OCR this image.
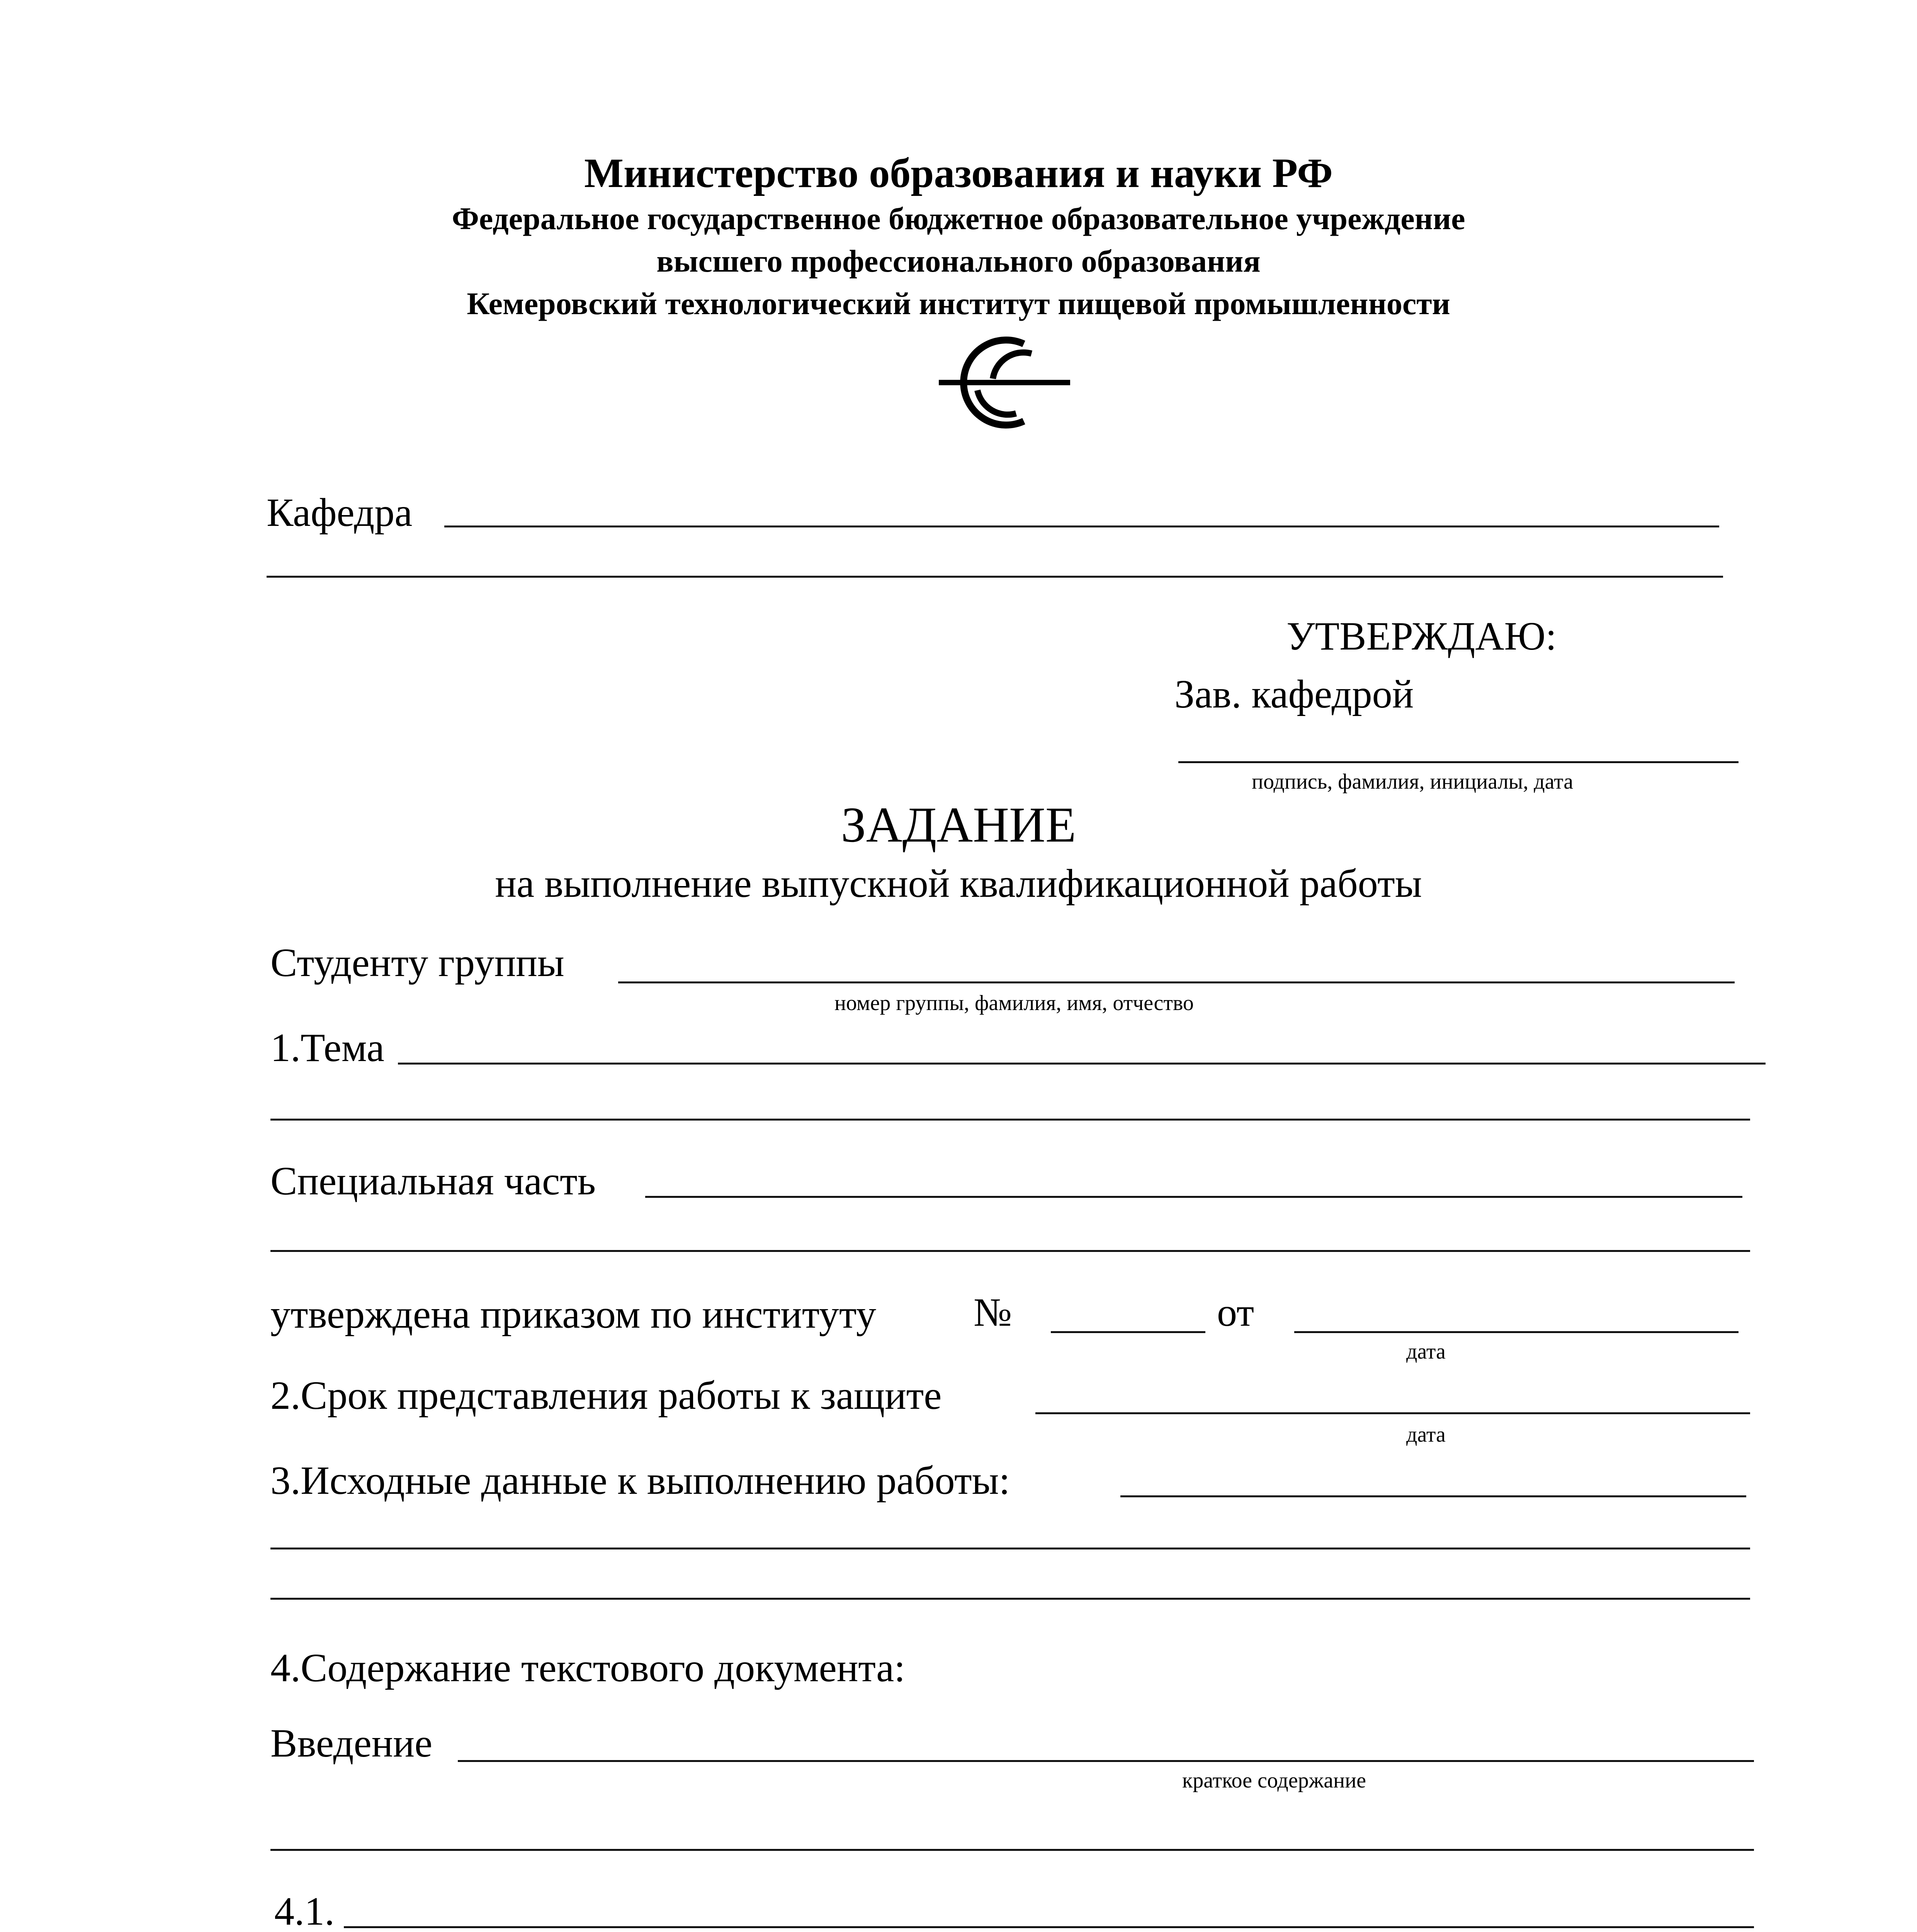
Министерство образования и науки РФ
Федеральное государственное бюджетное образовательное учреждение
высшего профессионального образования
Кемеровский технологический институт пищевой промышленности
Кафедра
УТВЕРЖДАЮ:
Зав. кафедрой
подпись, фамилия, инициалы, дата
ЗАДАНИЕ
на выполнение выпускной квалификационной работы
Студенту группы
номер группы, фамилия, имя, отчество
1.Тема
Специальная часть
утверждена приказом по институту №	от
дата
2.Срок представления работы к защите
дата
3.Исходные данные к выполнению работы:
4.Содержание текстового документа:
Введение
краткое содержание
4.1.
